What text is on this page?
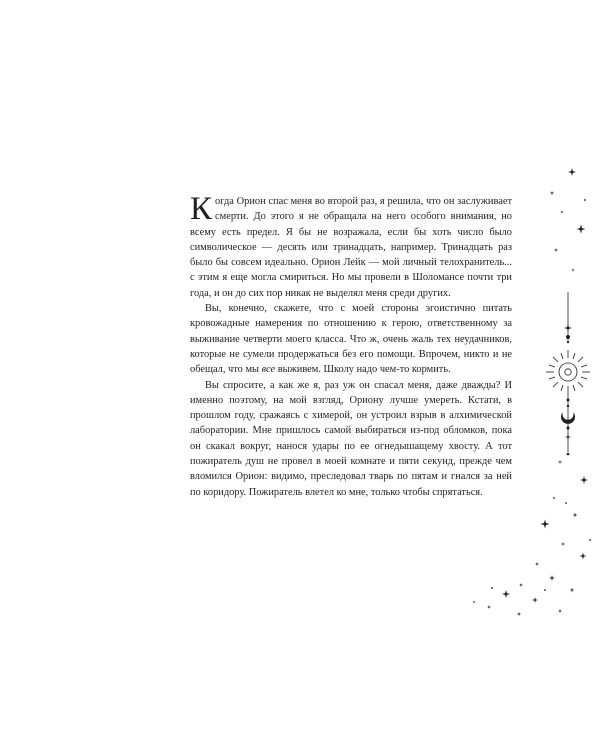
Когда Орион спас меня во второй раз, я решила, что он заслуживает смерти. До этого я не обращала на него особого внимания, но всему есть предел. Я бы не возражала, если бы хоть число было символическое — десять или тринадцать, например. Тринадцать раз было бы совсем идеально. Орион Лейк — мой личный телохранитель... с этим я еще могла смириться. Но мы провели в Шоломансе почти три года, и он до сих пор никак не выделял меня среди других.

Вы, конечно, скажете, что с моей стороны эгоистично питать кровожадные намерения по отношению к герою, ответственному за выживание четверти моего класса. Что ж, очень жаль тех неудачников, которые не сумели продержаться без его помощи. Впрочем, никто и не обещал, что мы все выживем. Школу надо чем-то кормить.

Вы спросите, а как же я, раз уж он спасал меня, даже дважды? И именно поэтому, на мой взгляд, Ориону лучше умереть. Кстати, в прошлом году, сражаясь с химерой, он устроил взрыв в алхимической лаборатории. Мне пришлось самой выбираться из-под обломков, пока он скакал вокруг, нанося удары по ее огнедышащему хвосту. А тот пожиратель душ не провел в моей комнате и пяти секунд, прежде чем вломился Орион: видимо, преследовал тварь по пятам и гнался за ней по коридору. Пожиратель влетел ко мне, только чтобы спрятаться.
